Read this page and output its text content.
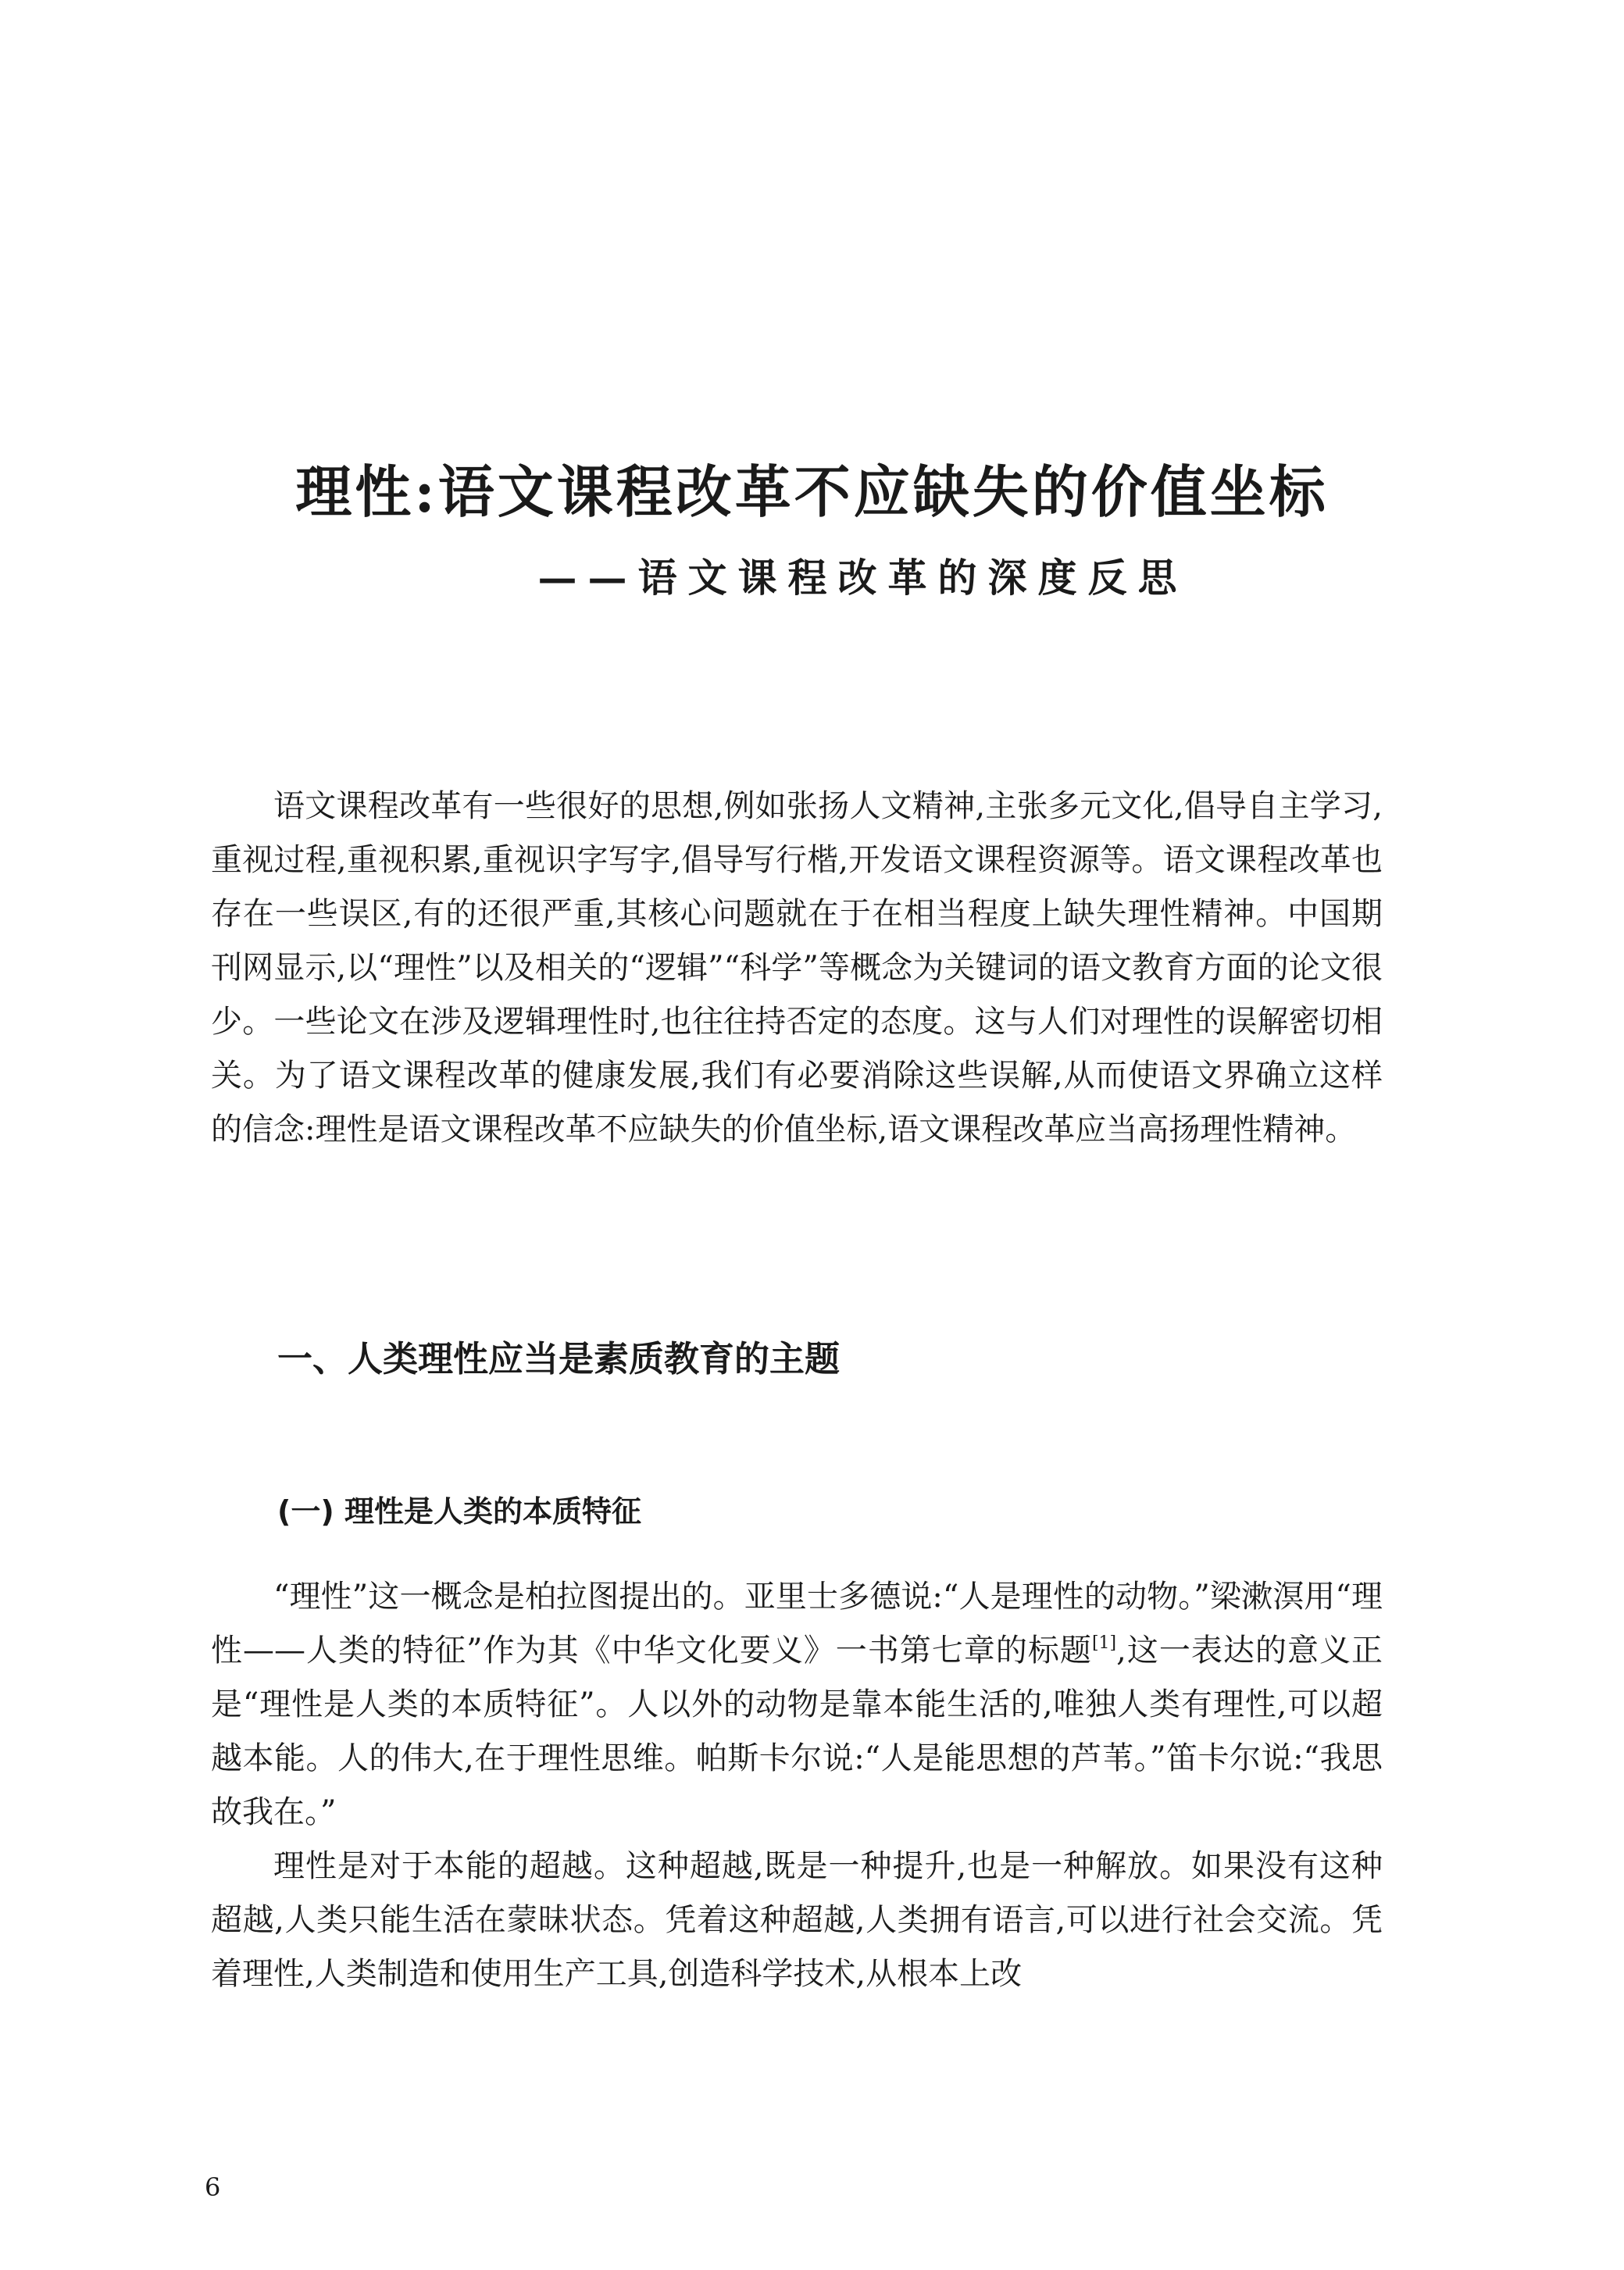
理性:语文课程改革不应缺失的价值坐标
——语文课程改革的深度反思

语文课程改革有一些很好的思想,例如张扬人文精神,主张多元文化,倡导自主学习,重视过程,重视积累,重视识字写字,倡导写行楷,开发语文课程资源等。语文课程改革也存在一些误区,有的还很严重,其核心问题就在于在相当程度上缺失理性精神。中国期刊网显示,以“理性”以及相关的“逻辑”“科学”等概念为关键词的语文教育方面的论文很少。一些论文在涉及逻辑理性时,也往往持否定的态度。这与人们对理性的误解密切相关。为了语文课程改革的健康发展,我们有必要消除这些误解,从而使语文界确立这样的信念:理性是语文课程改革不应缺失的价值坐标,语文课程改革应当高扬理性精神。

一、人类理性应当是素质教育的主题
(一) 理性是人类的本质特征

“理性”这一概念是柏拉图提出的。亚里士多德说:“人是理性的动物。”梁漱溟用“理性——人类的特征”作为其《中华文化要义》一书第七章的标题[1],这一表达的意义正是“理性是人类的本质特征”。人以外的动物是靠本能生活的,唯独人类有理性,可以超越本能。人的伟大,在于理性思维。帕斯卡尔说:“人是能思想的芦苇。”笛卡尔说:“我思故我在。”

理性是对于本能的超越。这种超越,既是一种提升,也是一种解放。如果没有这种超越,人类只能生活在蒙昧状态。凭着这种超越,人类拥有语言,可以进行社会交流。凭着理性,人类制造和使用生产工具,创造科学技术,从根本上改

6
